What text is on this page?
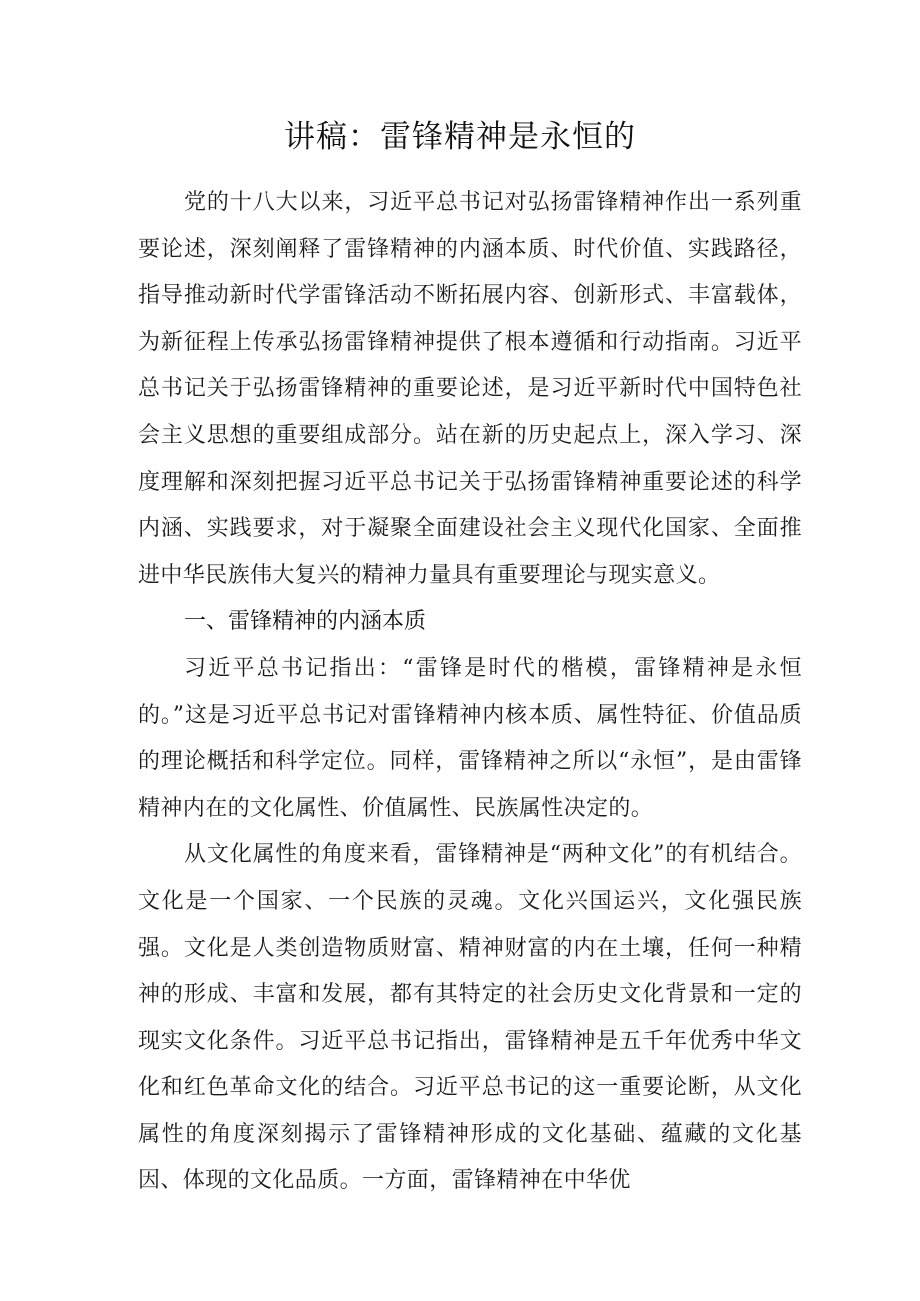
讲稿：雷锋精神是永恒的

党的十八大以来，习近平总书记对弘扬雷锋精神作出一系列重要论述，深刻阐释了雷锋精神的内涵本质、时代价值、实践路径，指导推动新时代学雷锋活动不断拓展内容、创新形式、丰富载体，为新征程上传承弘扬雷锋精神提供了根本遵循和行动指南。习近平总书记关于弘扬雷锋精神的重要论述，是习近平新时代中国特色社会主义思想的重要组成部分。站在新的历史起点上，深入学习、深度理解和深刻把握习近平总书记关于弘扬雷锋精神重要论述的科学内涵、实践要求，对于凝聚全面建设社会主义现代化国家、全面推进中华民族伟大复兴的精神力量具有重要理论与现实意义。

一、雷锋精神的内涵本质

习近平总书记指出：“雷锋是时代的楷模，雷锋精神是永恒的。”这是习近平总书记对雷锋精神内核本质、属性特征、价值品质的理论概括和科学定位。同样，雷锋精神之所以“永恒”，是由雷锋精神内在的文化属性、价值属性、民族属性决定的。

从文化属性的角度来看，雷锋精神是“两种文化”的有机结合。文化是一个国家、一个民族的灵魂。文化兴国运兴，文化强民族强。文化是人类创造物质财富、精神财富的内在土壤，任何一种精神的形成、丰富和发展，都有其特定的社会历史文化背景和一定的现实文化条件。习近平总书记指出，雷锋精神是五千年优秀中华文化和红色革命文化的结合。习近平总书记的这一重要论断，从文化属性的角度深刻揭示了雷锋精神形成的文化基础、蕴藏的文化基因、体现的文化品质。一方面，雷锋精神在中华优
